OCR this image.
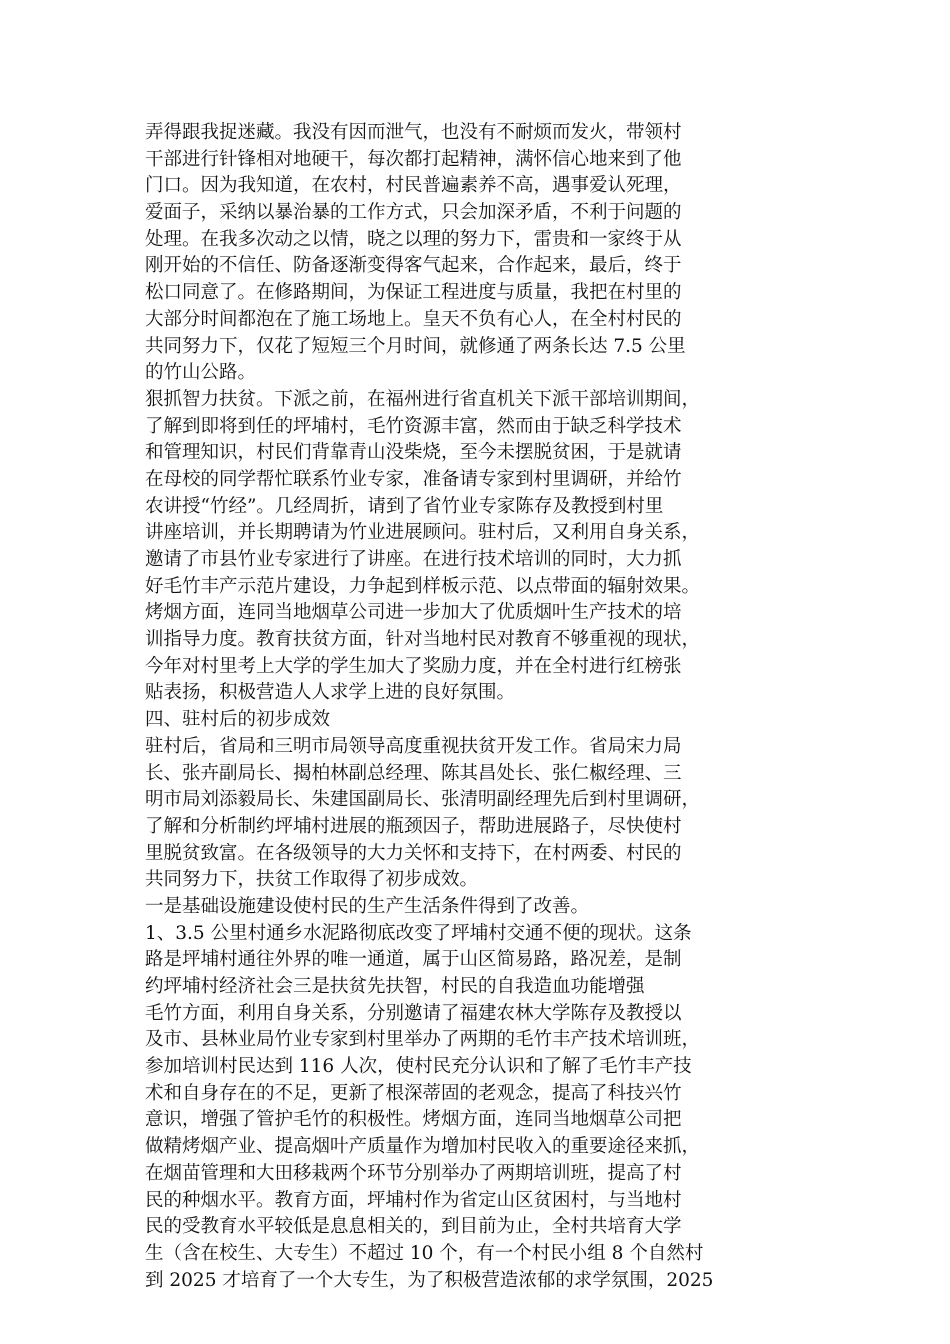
弄得跟我捉迷藏。我没有因而泄气，也没有不耐烦而发火，带领村
干部进行针锋相对地硬干，每次都打起精神，满怀信心地来到了他
门口。因为我知道，在农村，村民普遍素养不高，遇事爱认死理，
爱面子，采纳以暴治暴的工作方式，只会加深矛盾，不利于问题的
处理。在我多次动之以情，晓之以理的努力下，雷贵和一家终于从
刚开始的不信任、防备逐渐变得客气起来，合作起来，最后，终于
松口同意了。在修路期间，为保证工程进度与质量，我把在村里的
大部分时间都泡在了施工场地上。皇天不负有心人，在全村村民的
共同努力下，仅花了短短三个月时间，就修通了两条长达 7.5 公里
的竹山公路。
狠抓智力扶贫。下派之前，在福州进行省直机关下派干部培训期间，
了解到即将到任的坪埔村，毛竹资源丰富，然而由于缺乏科学技术
和管理知识，村民们背靠青山没柴烧，至今未摆脱贫困，于是就请
在母校的同学帮忙联系竹业专家，准备请专家到村里调研，并给竹
农讲授“竹经”。几经周折，请到了省竹业专家陈存及教授到村里
讲座培训，并长期聘请为竹业进展顾问。驻村后，又利用自身关系，
邀请了市县竹业专家进行了讲座。在进行技术培训的同时，大力抓
好毛竹丰产示范片建设，力争起到样板示范、以点带面的辐射效果。
烤烟方面，连同当地烟草公司进一步加大了优质烟叶生产技术的培
训指导力度。教育扶贫方面，针对当地村民对教育不够重视的现状，
今年对村里考上大学的学生加大了奖励力度，并在全村进行红榜张
贴表扬，积极营造人人求学上进的良好氛围。
四、驻村后的初步成效
驻村后，省局和三明市局领导高度重视扶贫开发工作。省局宋力局
长、张卉副局长、揭柏林副总经理、陈其昌处长、张仁椒经理、三
明市局刘添毅局长、朱建国副局长、张清明副经理先后到村里调研，
了解和分析制约坪埔村进展的瓶颈因子，帮助进展路子，尽快使村
里脱贫致富。在各级领导的大力关怀和支持下，在村两委、村民的
共同努力下，扶贫工作取得了初步成效。
一是基础设施建设使村民的生产生活条件得到了改善。
1、3.5 公里村通乡水泥路彻底改变了坪埔村交通不便的现状。这条
路是坪埔村通往外界的唯一通道，属于山区简易路，路况差，是制
约坪埔村经济社会三是扶贫先扶智，村民的自我造血功能增强
毛竹方面，利用自身关系，分别邀请了福建农林大学陈存及教授以
及市、县林业局竹业专家到村里举办了两期的毛竹丰产技术培训班，
参加培训村民达到 116 人次，使村民充分认识和了解了毛竹丰产技
术和自身存在的不足，更新了根深蒂固的老观念，提高了科技兴竹
意识，增强了管护毛竹的积极性。烤烟方面，连同当地烟草公司把
做精烤烟产业、提高烟叶产质量作为增加村民收入的重要途径来抓，
在烟苗管理和大田移栽两个环节分别举办了两期培训班，提高了村
民的种烟水平。教育方面，坪埔村作为省定山区贫困村，与当地村
民的受教育水平较低是息息相关的，到目前为止，全村共培育大学
生（含在校生、大专生）不超过 10 个，有一个村民小组 8 个自然村
到 2025 才培育了一个大专生，为了积极营造浓郁的求学氛围，2025
